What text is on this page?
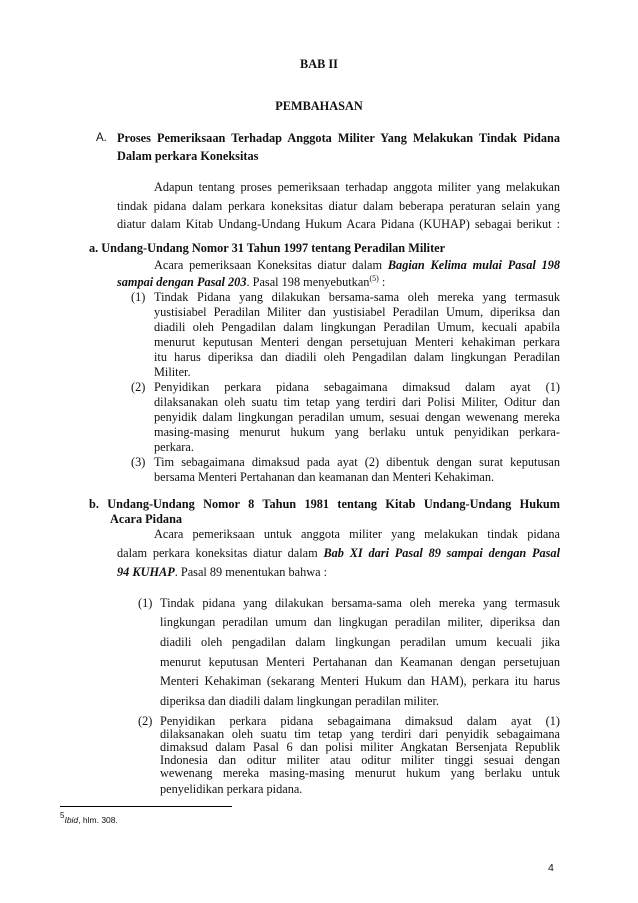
BAB II
PEMBAHASAN
A. Proses Pemeriksaan Terhadap Anggota Militer Yang Melakukan Tindak Pidana
Dalam perkara Koneksitas
Adapun tentang proses pemeriksaan terhadap anggota militer yang melakukan
tindak pidana dalam perkara koneksitas diatur dalam beberapa peraturan selain yang
diatur dalam Kitab Undang-Undang Hukum Acara Pidana (KUHAP) sebagai berikut :
a. Undang-Undang Nomor 31 Tahun 1997 tentang Peradilan Militer
Acara pemeriksaan Koneksitas diatur dalam Bagian Kelima mulai Pasal 198
sampai dengan Pasal 203. Pasal 198 menyebutkan$^{(5)}$ :
(1) Tindak Pidana yang dilakukan bersama-sama oleh mereka yang termasuk
yustisiabel Peradilan Militer dan yustisiabel Peradilan Umum, diperiksa dan
diadili oleh Pengadilan dalam lingkungan Peradilan Umum, kecuali apabila
menurut keputusan Menteri dengan persetujuan Menteri kehakiman perkara
itu harus diperiksa dan diadili oleh Pengadilan dalam lingkungan Peradilan
Militer.
(2) Penyidikan perkara pidana sebagaimana dimaksud dalam ayat (1)
dilaksanakan oleh suatu tim tetap yang terdiri dari Polisi Militer, Oditur dan
penyidik dalam lingkungan peradilan umum, sesuai dengan wewenang mereka
masing-masing menurut hukum yang berlaku untuk penyidikan perkara-
perkara.
(3) Tim sebagaimana dimaksud pada ayat (2) dibentuk dengan surat keputusan
bersama Menteri Pertahanan dan keamanan dan Menteri Kehakiman.
b. Undang-Undang Nomor 8 Tahun 1981 tentang Kitab Undang-Undang Hukum
Acara Pidana
Acara pemeriksaan untuk anggota militer yang melakukan tindak pidana
dalam perkara koneksitas diatur dalam Bab XI dari Pasal 89 sampai dengan Pasal
94 KUHAP. Pasal 89 menentukan bahwa :
(1) Tindak pidana yang dilakukan bersama-sama oleh mereka yang termasuk
lingkungan peradilan umum dan lingkugan peradilan militer, diperiksa dan
diadili oleh pengadilan dalam lingkungan peradilan umum kecuali jika
menurut keputusan Menteri Pertahanan dan Keamanan dengan persetujuan
Menteri Kehakiman (sekarang Menteri Hukum dan HAM), perkara itu harus
diperiksa dan diadili dalam lingkungan peradilan militer.
(2) Penyidikan perkara pidana sebagaimana dimaksud dalam ayat (1)
dilaksanakan oleh suatu tim tetap yang terdiri dari penyidik sebagaimana
dimaksud dalam Pasal 6 dan polisi militer Angkatan Bersenjata Republik
Indonesia dan oditur militer atau oditur militer tinggi sesuai dengan
wewenang mereka masing-masing menurut hukum yang berlaku untuk
$^5$Ibid, hlm. 308.
4
penyelidikan perkara pidana.
